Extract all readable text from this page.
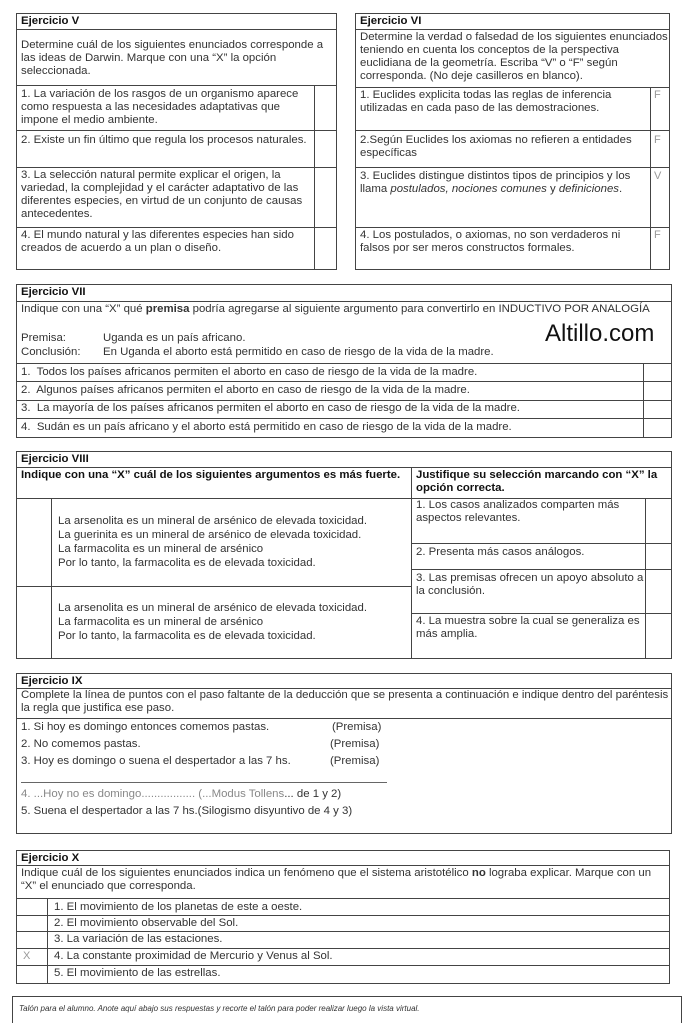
Ejercicio V
Determine cuál de los siguientes enunciados corresponde a las ideas de Darwin. Marque con una “X” la opción seleccionada.
1. La variación de los rasgos de un organismo aparece como respuesta a las necesidades adaptativas que impone el medio ambiente.
2. Existe un fin último que regula los procesos naturales.
3. La selección natural permite explicar el origen, la variedad, la complejidad y el carácter adaptativo de las diferentes especies, en virtud de un conjunto de causas antecedentes.
4. El mundo natural y las diferentes especies han sido creados de acuerdo a un plan o diseño.
Ejercicio VI
Determine la verdad o falsedad de los siguientes enunciados teniendo en cuenta los conceptos de la perspectiva euclidiana de la geometría. Escriba “V” o “F” según corresponda. (No deje casilleros en blanco).
1. Euclides explicita todas las reglas de inferencia utilizadas en cada paso de las demostraciones.
F
2.Según Euclides los axiomas no refieren a entidades específicas
F
3. Euclides distingue distintos tipos de principios y los llama postulados, nociones comunes y definiciones.
V
4. Los postulados, o axiomas, no son verdaderos ni falsos por ser meros constructos formales.
F
Ejercicio VII
Indique con una “X” qué premisa podría agregarse al siguiente argumento para convertirlo en INDUCTIVO POR ANALOGÍA
Altillo.com
Premisa:	Uganda es un país africano.
Conclusión: En Uganda el aborto está permitido en caso de riesgo de la vida de la madre.
1.  Todos los países africanos permiten el aborto en caso de riesgo de la vida de la madre.
2.  Algunos países africanos permiten el aborto en caso de riesgo de la vida de la madre.
3.  La mayoría de los países africanos permiten el aborto en caso de riesgo de la vida de la madre.
4.  Sudán es un país africano y el aborto está permitido en caso de riesgo de la vida de la madre.
Ejercicio VIII
Indique con una “X” cuál de los siguientes argumentos es más fuerte.	Justifique su selección marcando con “X” la opción correcta.
La arsenolita es un mineral de arsénico de elevada toxicidad.
La guerinita es un mineral de arsénico de elevada toxicidad.
La farmacolita es un mineral de arsénico
Por lo tanto, la farmacolita es de elevada toxicidad.
La arsenolita es un mineral de arsénico de elevada toxicidad.
La farmacolita es un mineral de arsénico
Por lo tanto, la farmacolita es de elevada toxicidad.
1. Los casos analizados comparten más aspectos relevantes.
2. Presenta más casos análogos.
3. Las premisas ofrecen un apoyo absoluto a la conclusión.
4. La muestra sobre la cual se generaliza es más amplia.
Ejercicio IX
Complete la línea de puntos con el paso faltante de la deducción que se presenta a continuación e indique dentro del paréntesis la regla que justifica ese paso.
1. Si hoy es domingo entonces comemos pastas.	(Premisa)
2. No comemos pastas.	(Premisa)
3. Hoy es domingo o suena el despertador a las 7 hs.	(Premisa)
4. ...Hoy no es domingo................. (...Modus Tollens... de 1 y 2)
5. Suena el despertador a las 7 hs.(Silogismo disyuntivo de 4 y 3)
Ejercicio X
Indique cuál de los siguientes enunciados indica un fenómeno que el sistema aristotélico no lograba explicar. Marque con un “X” el enunciado que corresponda.
1. El movimiento de los planetas de este a oeste.
2. El movimiento observable del Sol.
3. La variación de las estaciones.
X 4. La constante proximidad de Mercurio y Venus al Sol.
5. El movimiento de las estrellas.
Talón para el alumno. Anote aquí abajo sus respuestas y recorte el talón para poder realizar luego la vista virtual.
